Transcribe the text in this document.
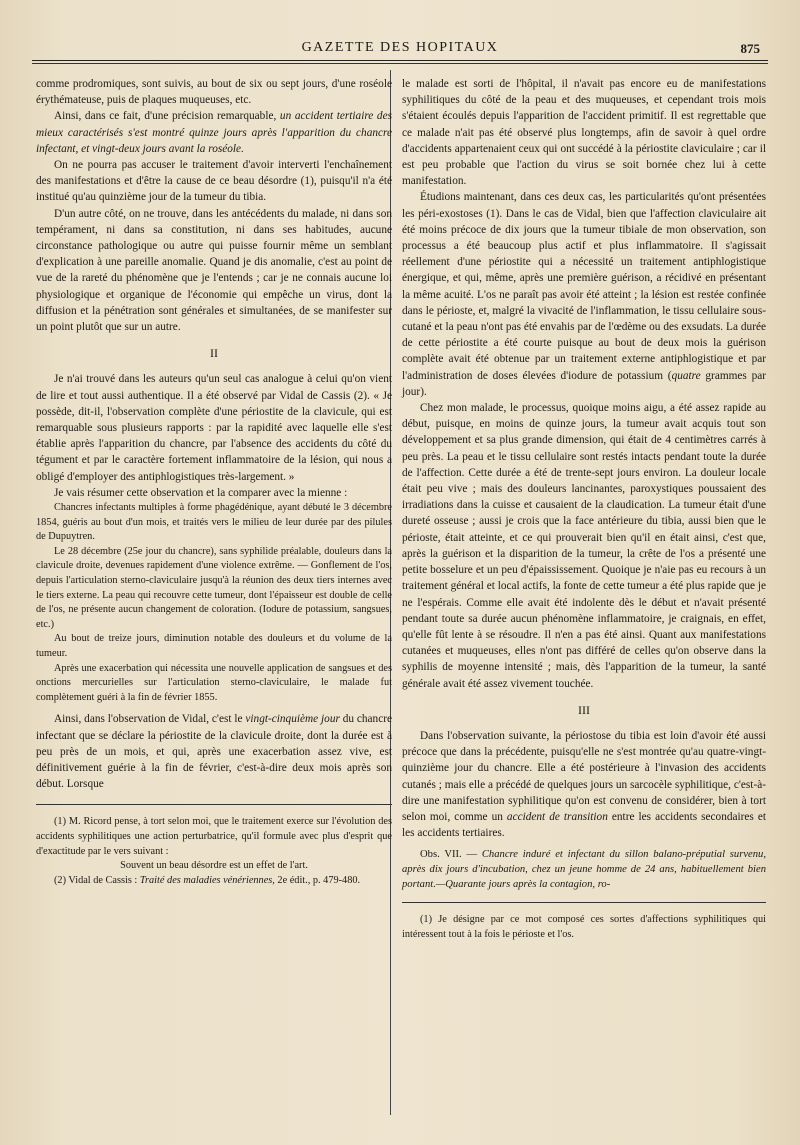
GAZETTE DES HOPITAUX	875

comme prodromiques, sont suivis, au bout de six ou sept jours, d'une roséole érythémateuse, puis de plaques muqueuses, etc.

Ainsi, dans ce fait, d'une précision remarquable, un accident tertiaire des mieux caractérisés s'est montré quinze jours après l'apparition du chancre infectant, et vingt-deux jours avant la roséole.

On ne pourra pas accuser le traitement d'avoir interverti l'enchaînement des manifestations et d'être la cause de ce beau désordre (1), puisqu'il n'a été institué qu'au quinzième jour de la tumeur du tibia.

D'un autre côté, on ne trouve, dans les antécédents du malade, ni dans son tempérament, ni dans sa constitution, ni dans ses habitudes, aucune circonstance pathologique ou autre qui puisse fournir même un semblant d'explication à une pareille anomalie. Quand je dis anomalie, c'est au point de vue de la rareté du phénomène que je l'entends ; car je ne connais aucune loi physiologique et organique de l'économie qui empêche un virus, dont la diffusion et la pénétration sont générales et simultanées, de se manifester sur un point plutôt que sur un autre.

II

Je n'ai trouvé dans les auteurs qu'un seul cas analogue à celui qu'on vient de lire et tout aussi authentique. Il a été observé par Vidal de Cassis (2). « Je possède, dit-il, l'observation complète d'une périostite de la clavicule, qui est remarquable sous plusieurs rapports : par la rapidité avec laquelle elle s'est établie après l'apparition du chancre, par l'absence des accidents du côté du tégument et par le caractère fortement inflammatoire de la lésion, qui nous a obligé d'employer des antiphlogistiques très-largement. »

Je vais résumer cette observation et la comparer avec la mienne :

Chancres infectants multiples à forme phagédénique, ayant débuté le 3 décembre 1854, guéris au bout d'un mois, et traités vers le milieu de leur durée par des pilules de Dupuytren.

Le 28 décembre (25e jour du chancre), sans syphilide préalable, douleurs dans la clavicule droite, devenues rapidement d'une violence extrême. — Gonflement de l'os, depuis l'articulation sterno-claviculaire jusqu'à la réunion des deux tiers internes avec le tiers externe. La peau qui recouvre cette tumeur, dont l'épaisseur est double de celle de l'os, ne présente aucun changement de coloration. (Iodure de potassium, sangsues, etc.)

Au bout de treize jours, diminution notable des douleurs et du volume de la tumeur.

Après une exacerbation qui nécessita une nouvelle application de sangsues et des onctions mercurielles sur l'articulation sterno-claviculaire, le malade fut complètement guéri à la fin de février 1855.

Ainsi, dans l'observation de Vidal, c'est le vingt-cinquième jour du chancre infectant que se déclare la périostite de la clavicule droite, dont la durée est à peu près de un mois, et qui, après une exacerbation assez vive, est définitivement guérie à la fin de février, c'est-à-dire deux mois après son début. Lorsque

(1) M. Ricord pense, à tort selon moi, que le traitement exerce sur l'évolution des accidents syphilitiques une action perturbatrice, qu'il formule avec plus d'esprit que d'exactitude par le vers suivant :

Souvent un beau désordre est un effet de l'art.

(2) Vidal de Cassis : Traité des maladies vénériennes, 2e édit., p. 479-480.

le malade est sorti de l'hôpital, il n'avait pas encore eu de manifestations syphilitiques du côté de la peau et des muqueuses, et cependant trois mois s'étaient écoulés depuis l'apparition de l'accident primitif. Il est regrettable que ce malade n'ait pas été observé plus longtemps, afin de savoir à quel ordre d'accidents appartenaient ceux qui ont succédé à la périostite claviculaire ; car il est peu probable que l'action du virus se soit bornée chez lui à cette manifestation.

Étudions maintenant, dans ces deux cas, les particularités qu'ont présentées les péri-exostoses (1). Dans le cas de Vidal, bien que l'affection claviculaire ait été moins précoce de dix jours que la tumeur tibiale de mon observation, son processus a été beaucoup plus actif et plus inflammatoire. Il s'agissait réellement d'une périostite qui a nécessité un traitement antiphlogistique énergique, et qui, même, après une première guérison, a récidivé en présentant la même acuité. L'os ne paraît pas avoir été atteint ; la lésion est restée confinée dans le périoste, et, malgré la vivacité de l'inflammation, le tissu cellulaire sous-cutané et la peau n'ont pas été envahis par de l'œdème ou des exsudats. La durée de cette périostite a été courte puisque au bout de deux mois la guérison complète avait été obtenue par un traitement externe antiphlogistique et par l'administration de doses élevées d'iodure de potassium (quatre grammes par jour).

Chez mon malade, le processus, quoique moins aigu, a été assez rapide au début, puisque, en moins de quinze jours, la tumeur avait acquis tout son développement et sa plus grande dimension, qui était de 4 centimètres carrés à peu près. La peau et le tissu cellulaire sont restés intacts pendant toute la durée de l'affection. Cette durée a été de trente-sept jours environ. La douleur locale était peu vive ; mais des douleurs lancinantes, paroxystiques poussaient des irradiations dans la cuisse et causaient de la claudication. La tumeur était d'une dureté osseuse ; aussi je crois que la face antérieure du tibia, aussi bien que le périoste, était atteinte, et ce qui prouverait bien qu'il en était ainsi, c'est que, après la guérison et la disparition de la tumeur, la crête de l'os a présenté une petite bosselure et un peu d'épaississement. Quoique je n'aie pas eu recours à un traitement général et local actifs, la fonte de cette tumeur a été plus rapide que je ne l'espérais. Comme elle avait été indolente dès le début et n'avait présenté pendant toute sa durée aucun phénomène inflammatoire, je craignais, en effet, qu'elle fût lente à se résoudre. Il n'en a pas été ainsi. Quant aux manifestations cutanées et muqueuses, elles n'ont pas différé de celles qu'on observe dans la syphilis de moyenne intensité ; mais, dès l'apparition de la tumeur, la santé générale avait été assez vivement touchée.

III

Dans l'observation suivante, la périostose du tibia est loin d'avoir été aussi précoce que dans la précédente, puisqu'elle ne s'est montrée qu'au quatre-vingt-quinzième jour du chancre. Elle a été postérieure à l'invasion des accidents cutanés ; mais elle a précédé de quelques jours un sarcocèle syphilitique, c'est-à-dire une manifestation syphilitique qu'on est convenu de considérer, bien à tort selon moi, comme un accident de transition entre les accidents secondaires et les accidents tertiaires.

Obs. VII. — Chancre induré et infectant du sillon balano-préputial survenu, après dix jours d'incubation, chez un jeune homme de 24 ans, habituellement bien portant.—Quarante jours après la contagion, ro-

(1) Je désigne par ce mot composé ces sortes d'affections syphilitiques qui intéressent tout à la fois le périoste et l'os.
